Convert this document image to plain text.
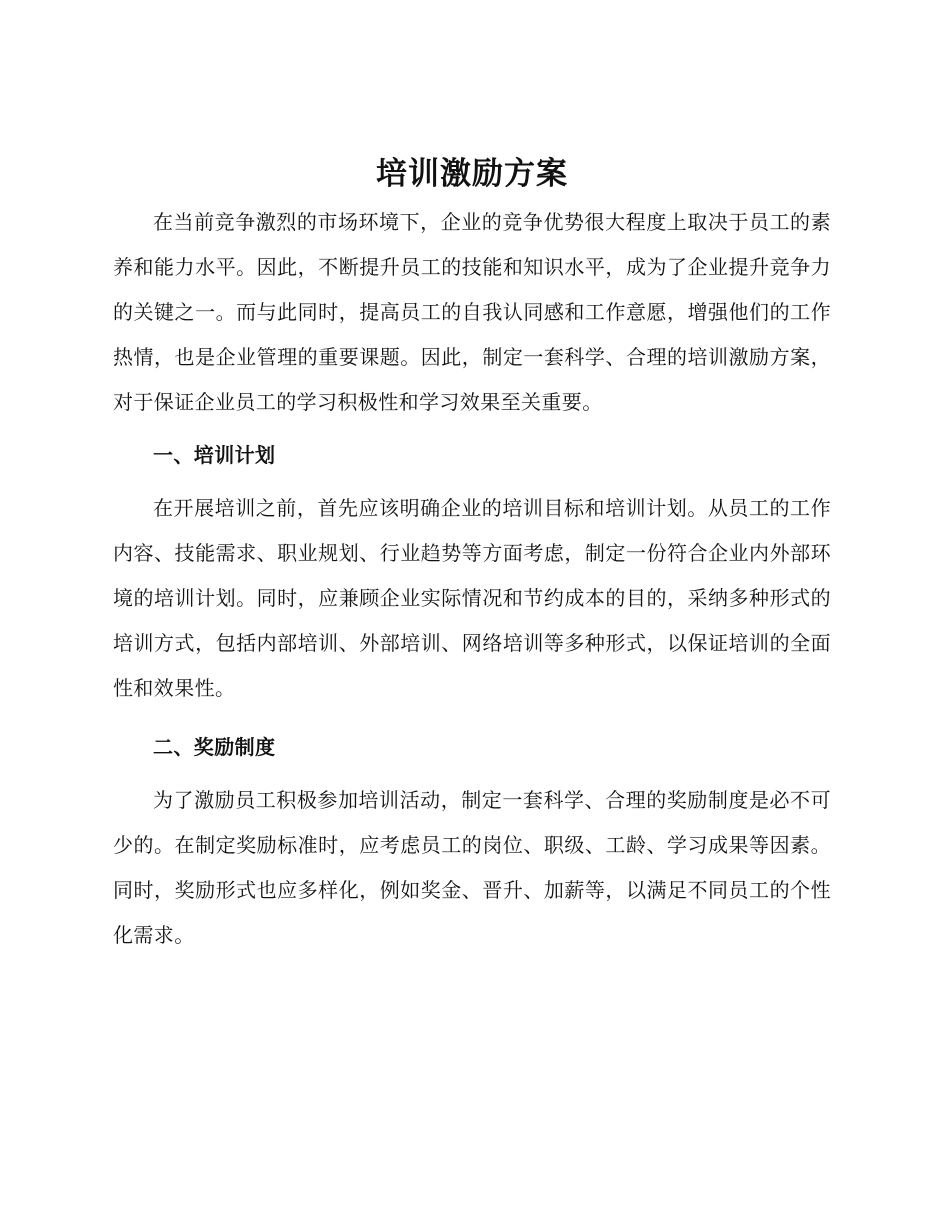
培训激励方案

在当前竞争激烈的市场环境下，企业的竞争优势很大程度上取决于员工的素养和能力水平。因此，不断提升员工的技能和知识水平，成为了企业提升竞争力的关键之一。而与此同时，提高员工的自我认同感和工作意愿，增强他们的工作热情，也是企业管理的重要课题。因此，制定一套科学、合理的培训激励方案，对于保证企业员工的学习积极性和学习效果至关重要。

一、培训计划

在开展培训之前，首先应该明确企业的培训目标和培训计划。从员工的工作内容、技能需求、职业规划、行业趋势等方面考虑，制定一份符合企业内外部环境的培训计划。同时，应兼顾企业实际情况和节约成本的目的，采纳多种形式的培训方式，包括内部培训、外部培训、网络培训等多种形式，以保证培训的全面性和效果性。

二、奖励制度

为了激励员工积极参加培训活动，制定一套科学、合理的奖励制度是必不可少的。在制定奖励标准时，应考虑员工的岗位、职级、工龄、学习成果等因素。同时，奖励形式也应多样化，例如奖金、晋升、加薪等，以满足不同员工的个性化需求。
